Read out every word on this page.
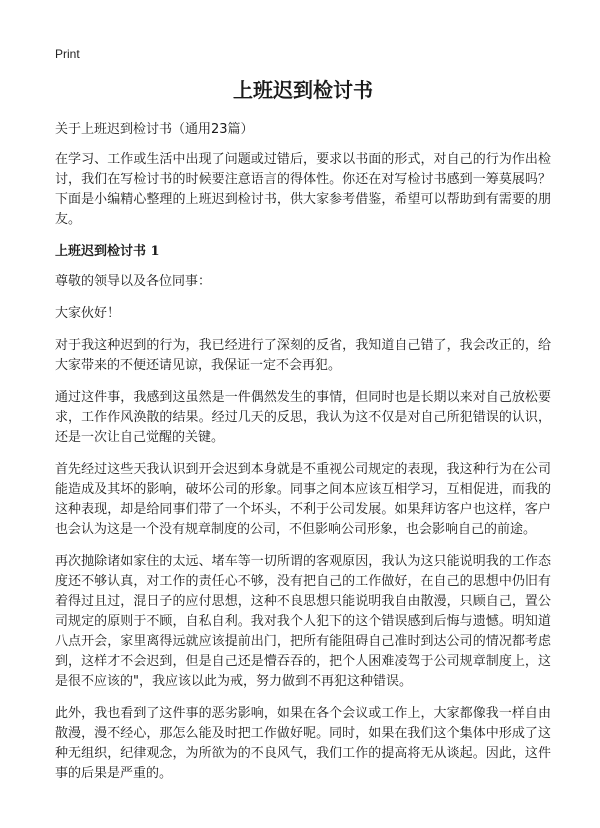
Print
上班迟到检讨书
关于上班迟到检讨书（通用23篇）

在学习、工作或生活中出现了问题或过错后，要求以书面的形式，对自己的行为作出检讨，我们在写检讨书的时候要注意语言的得体性。你还在对写检讨书感到一筹莫展吗？下面是小编精心整理的上班迟到检讨书，供大家参考借鉴，希望可以帮助到有需要的朋友。

上班迟到检讨书 1

尊敬的领导以及各位同事：

大家伙好！

对于我这种迟到的行为，我已经进行了深刻的反省，我知道自己错了，我会改正的，给大家带来的不便还请见谅，我保证一定不会再犯。

通过这件事，我感到这虽然是一件偶然发生的事情，但同时也是长期以来对自己放松要求，工作作风涣散的结果。经过几天的反思，我认为这不仅是对自己所犯错误的认识，还是一次让自己觉醒的关键。

首先经过这些天我认识到开会迟到本身就是不重视公司规定的表现，我这种行为在公司能造成及其坏的影响，破坏公司的形象。同事之间本应该互相学习，互相促进，而我的这种表现，却是给同事们带了一个坏头，不利于公司发展。如果拜访客户也这样，客户也会认为这是一个没有规章制度的公司，不但影响公司形象，也会影响自己的前途。

再次抛除诸如家住的太远、堵车等一切所谓的客观原因，我认为这只能说明我的工作态度还不够认真，对工作的责任心不够，没有把自己的工作做好，在自己的思想中仍旧有着得过且过，混日子的应付思想，这种不良思想只能说明我自由散漫，只顾自己，置公司规定的原则于不顾，自私自利。我对我个人犯下的这个错误感到后悔与遗憾。明知道八点开会，家里离得远就应该提前出门，把所有能阻碍自己准时到达公司的情况都考虑到，这样才不会迟到，但是自己还是懵吞吞的，把个人困难凌驾于公司规章制度上，这是很不应该的"，我应该以此为戒，努力做到不再犯这种错误。

此外，我也看到了这件事的恶劣影响，如果在各个会议或工作上，大家都像我一样自由散漫，漫不经心，那怎么能及时把工作做好呢。同时，如果在我们这个集体中形成了这种无组织，纪律观念，为所欲为的不良风气，我们工作的提高将无从谈起。因此，这件事的后果是严重的。
